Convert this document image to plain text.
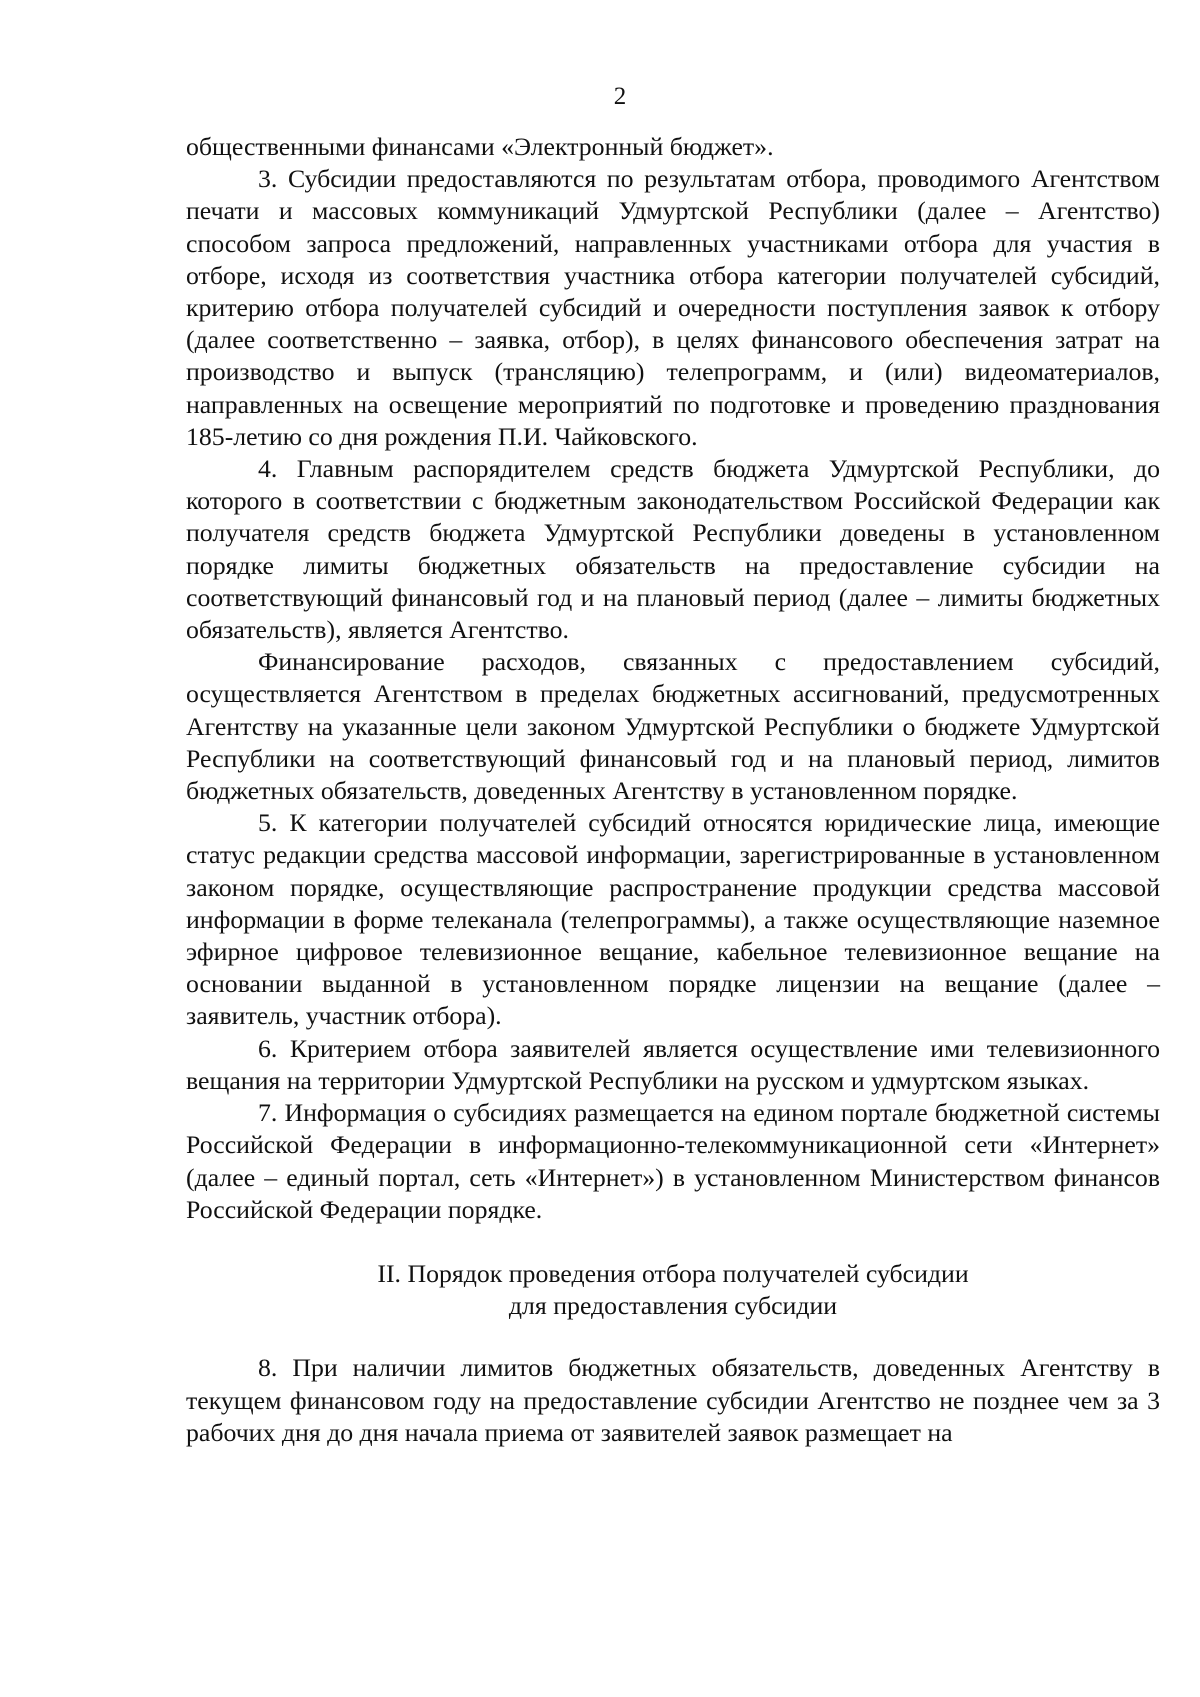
2

общественными финансами «Электронный бюджет».

3. Субсидии предоставляются по результатам отбора, проводимого Агентством печати и массовых коммуникаций Удмуртской Республики (далее – Агентство) способом запроса предложений, направленных участниками отбора для участия в отборе, исходя из соответствия участника отбора категории получателей субсидий, критерию отбора получателей субсидий и очередности поступления заявок к отбору (далее соответственно – заявка, отбор), в целях финансового обеспечения затрат на производство и выпуск (трансляцию) телепрограмм, и (или) видеоматериалов, направленных на освещение мероприятий по подготовке и проведению празднования 185-летию со дня рождения П.И. Чайковского.

4. Главным распорядителем средств бюджета Удмуртской Республики, до которого в соответствии с бюджетным законодательством Российской Федерации как получателя средств бюджета Удмуртской Республики доведены в установленном порядке лимиты бюджетных обязательств на предоставление субсидии на соответствующий финансовый год и на плановый период (далее – лимиты бюджетных обязательств), является Агентство.

Финансирование расходов, связанных с предоставлением субсидий, осуществляется Агентством в пределах бюджетных ассигнований, предусмотренных Агентству на указанные цели законом Удмуртской Республики о бюджете Удмуртской Республики на соответствующий финансовый год и на плановый период, лимитов бюджетных обязательств, доведенных Агентству в установленном порядке.

5. К категории получателей субсидий относятся юридические лица, имеющие статус редакции средства массовой информации, зарегистрированные в установленном законом порядке, осуществляющие распространение продукции средства массовой информации в форме телеканала (телепрограммы), а также осуществляющие наземное эфирное цифровое телевизионное вещание, кабельное телевизионное вещание на основании выданной в установленном порядке лицензии на вещание (далее – заявитель, участник отбора).

6. Критерием отбора заявителей является осуществление ими телевизионного вещания на территории Удмуртской Республики на русском и удмуртском языках.

7. Информация о субсидиях размещается на едином портале бюджетной системы Российской Федерации в информационно-телекоммуникационной сети «Интернет» (далее – единый портал, сеть «Интернет») в установленном Министерством финансов Российской Федерации порядке.

II. Порядок проведения отбора получателей субсидии
для предоставления субсидии

8. При наличии лимитов бюджетных обязательств, доведенных Агентству в текущем финансовом году на предоставление субсидии Агентство не позднее чем за 3 рабочих дня до дня начала приема от заявителей заявок размещает на
